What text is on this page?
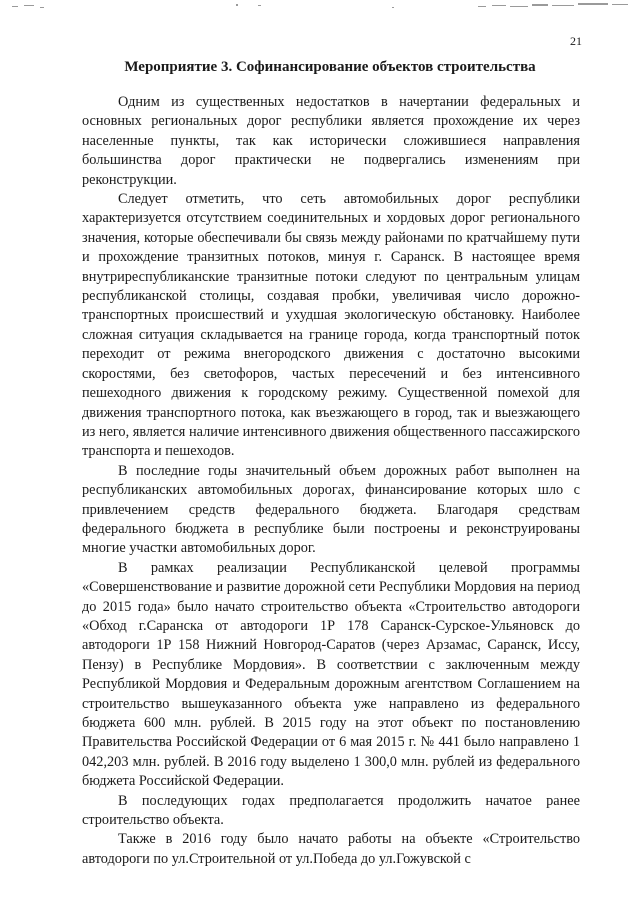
21

Мероприятие 3. Софинансирование объектов строительства

Одним из существенных недостатков в начертании федеральных и основных региональных дорог республики является прохождение их через населенные пункты, так как исторически сложившиеся направления большинства дорог практически не подвергались изменениям при реконструкции.

Следует отметить, что сеть автомобильных дорог республики характеризуется отсутствием соединительных и хордовых дорог регионального значения, которые обеспечивали бы связь между районами по кратчайшему пути и прохождение транзитных потоков, минуя г. Саранск. В настоящее время внутриреспубликанские транзитные потоки следуют по центральным улицам республиканской столицы, создавая пробки, увеличивая число дорожно-транспортных происшествий и ухудшая экологическую обстановку. Наиболее сложная ситуация складывается на границе города, когда транспортный поток переходит от режима внегородского движения с достаточно высокими скоростями, без светофоров, частых пересечений и без интенсивного пешеходного движения к городскому режиму. Существенной помехой для движения транспортного потока, как въезжающего в город, так и выезжающего из него, является наличие интенсивного движения общественного пассажирского транспорта и пешеходов.

В последние годы значительный объем дорожных работ выполнен на республиканских автомобильных дорогах, финансирование которых шло с привлечением средств федерального бюджета. Благодаря средствам федерального бюджета в республике были построены и реконструированы многие участки автомобильных дорог.

В рамках реализации Республиканской целевой программы «Совершенствование и развитие дорожной сети Республики Мордовия на период до 2015 года» было начато строительство объекта «Строительство автодороги «Обход г.Саранска от автодороги 1Р 178 Саранск-Сурское-Ульяновск до автодороги 1Р 158 Нижний Новгород-Саратов (через Арзамас, Саранск, Иссу, Пензу) в Республике Мордовия». В соответствии с заключенным между Республикой Мордовия и Федеральным дорожным агентством Соглашением на строительство вышеуказанного объекта уже направлено из федерального бюджета 600 млн. рублей. В 2015 году на этот объект по постановлению Правительства Российской Федерации от 6 мая 2015 г. № 441 было направлено 1 042,203 млн. рублей. В 2016 году выделено 1 300,0 млн. рублей из федерального бюджета Российской Федерации.

В последующих годах предполагается продолжить начатое ранее строительство объекта.

Также в 2016 году было начато работы на объекте «Строительство автодороги по ул.Строительной от ул.Победа до ул.Гожувской с
